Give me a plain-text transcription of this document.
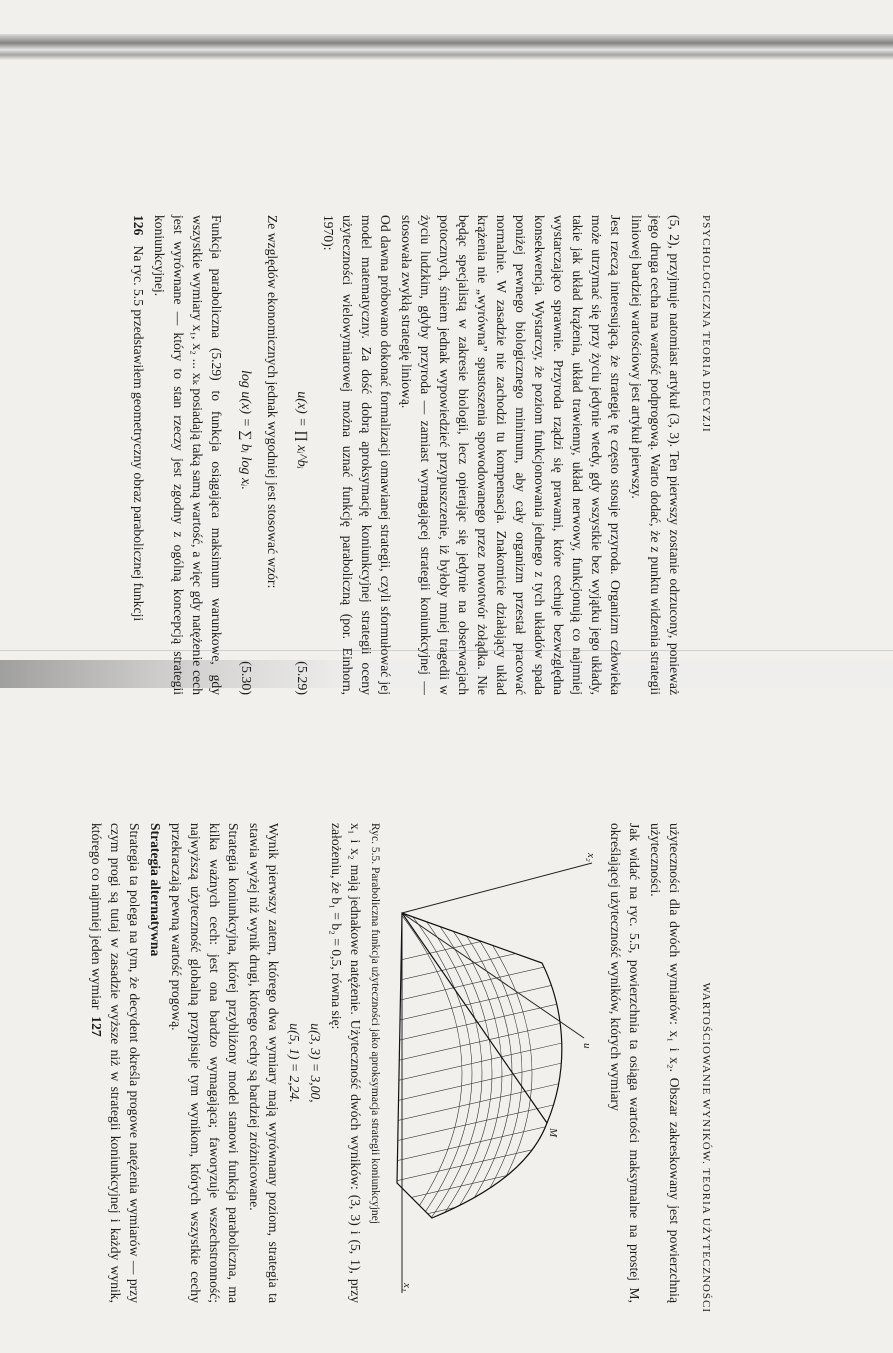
PSYCHOLOGICZNA TEORIA DECYZJI

(5, 2), przyjmuje natomiast artykuł (3, 3). Ten pierwszy zostanie odrzucony, ponieważ jego druga cecha ma wartość podprogową. Warto dodać, że z punktu widzenia strategii liniowej bardziej wartościowy jest artykuł pierwszy.

Jest rzeczą interesującą, że strategię tę często stosuje przyroda. Organizm człowieka może utrzymać się przy życiu jedynie wtedy, gdy wszystkie bez wyjątku jego układy, takie jak układ krążenia, układ trawienny, układ nerwowy, funkcjonują co najmniej wystarczająco sprawnie. Przyroda rządzi się prawami, które cechuje bezwzględna konsekwencja. Wystarczy, że poziom funkcjonowania jednego z tych układów spada poniżej pewnego biologicznego minimum, aby cały organizm przestał pracować normalnie. W zasadzie nie zachodzi tu kompensacja. Znakomicie działający układ krążenia nie „wyrówna” spustoszenia spowodowanego przez nowotwór żołądka. Nie będąc specjalistą w zakresie biologii, lecz opierając się jedynie na obserwacjach potocznych, śmiem jednak wypowiedzieć przypuszczenie, iż byłoby mniej tragedii w życiu ludzkim, gdyby przyroda — zamiast wymagającej strategii koniunkcyjnej — stosowała zwykłą strategię liniową.

Od dawna próbowano dokonać formalizacji omawianej strategii, czyli sformułować jej model matematyczny. Za dość dobrą aproksymację koniunkcyjnej strategii oceny użyteczności wielowymiarowej można uznać funkcję paraboliczną (por. Einhorn, 1970):

u(x) = ∏ xᵢ^bᵢ
(5.29)

Ze względów ekonomicznych jednak wygodniej jest stosować wzór:

log u(x) = ∑ bᵢ log xᵢ.
(5.30)

Funkcja paraboliczna (5.29) to funkcja osiągająca maksimum warunkowe, gdy wszystkie wymiary x₁, x₂ ... xₖ posiadają taką samą wartość, a więc gdy natężenie cech jest wyrównane — który to stan rzeczy jest zgodny z ogólną koncepcją strategii koniunkcyjnej.

126   Na ryc. 5.5 przedstawiłem geometryczny obraz parabolicznej funkcji

WARTOŚCIOWANIE WYNIKÓW. TEORIA UŻYTECZNOŚCI

użyteczności dla dwóch wymiarów: x₁ i x₂. Obszar zakreskowany jest powierzchnią użyteczności.

Jak widać na ryc. 5.5, powierzchnia ta osiąga wartości maksymalne na prostej M, określającej użyteczność wyników, których wymiary

x₂
x₁
u
M

Ryc. 5.5. Paraboliczna funkcja użyteczności jako aproksymacja strategii koniunkcyjnej

x₁ i x₂ mają jednakowe natężenie. Użyteczność dwóch wyników: (3, 3) i (5, 1), przy założeniu, że b₁ = b₂ = 0,5, równa się:

u(3, 3) = 3,00,

u(5, 1) = 2,24.

Wynik pierwszy zatem, którego dwa wymiary mają wyrównany poziom, strategia ta stawia wyżej niż wynik drugi, którego cechy są bardziej zróżnicowane.

Strategia koniunkcyjna, której przybliżony model stanowi funkcja paraboliczna, ma kilka ważnych cech: jest ona bardzo wymagająca; faworyzuje wszechstronność; najwyższą użyteczność globalną przypisuje tym wynikom, których wszystkie cechy przekraczają pewną wartość progową.

Strategia alternatywna

Strategia ta polega na tym, że decydent określa progowe natężenia wymiarów — przy czym progi są tutaj w zasadzie wyższe niż w strategii koniunkcyjnej i każdy wynik, którego co najmniej jeden wymiar  127
